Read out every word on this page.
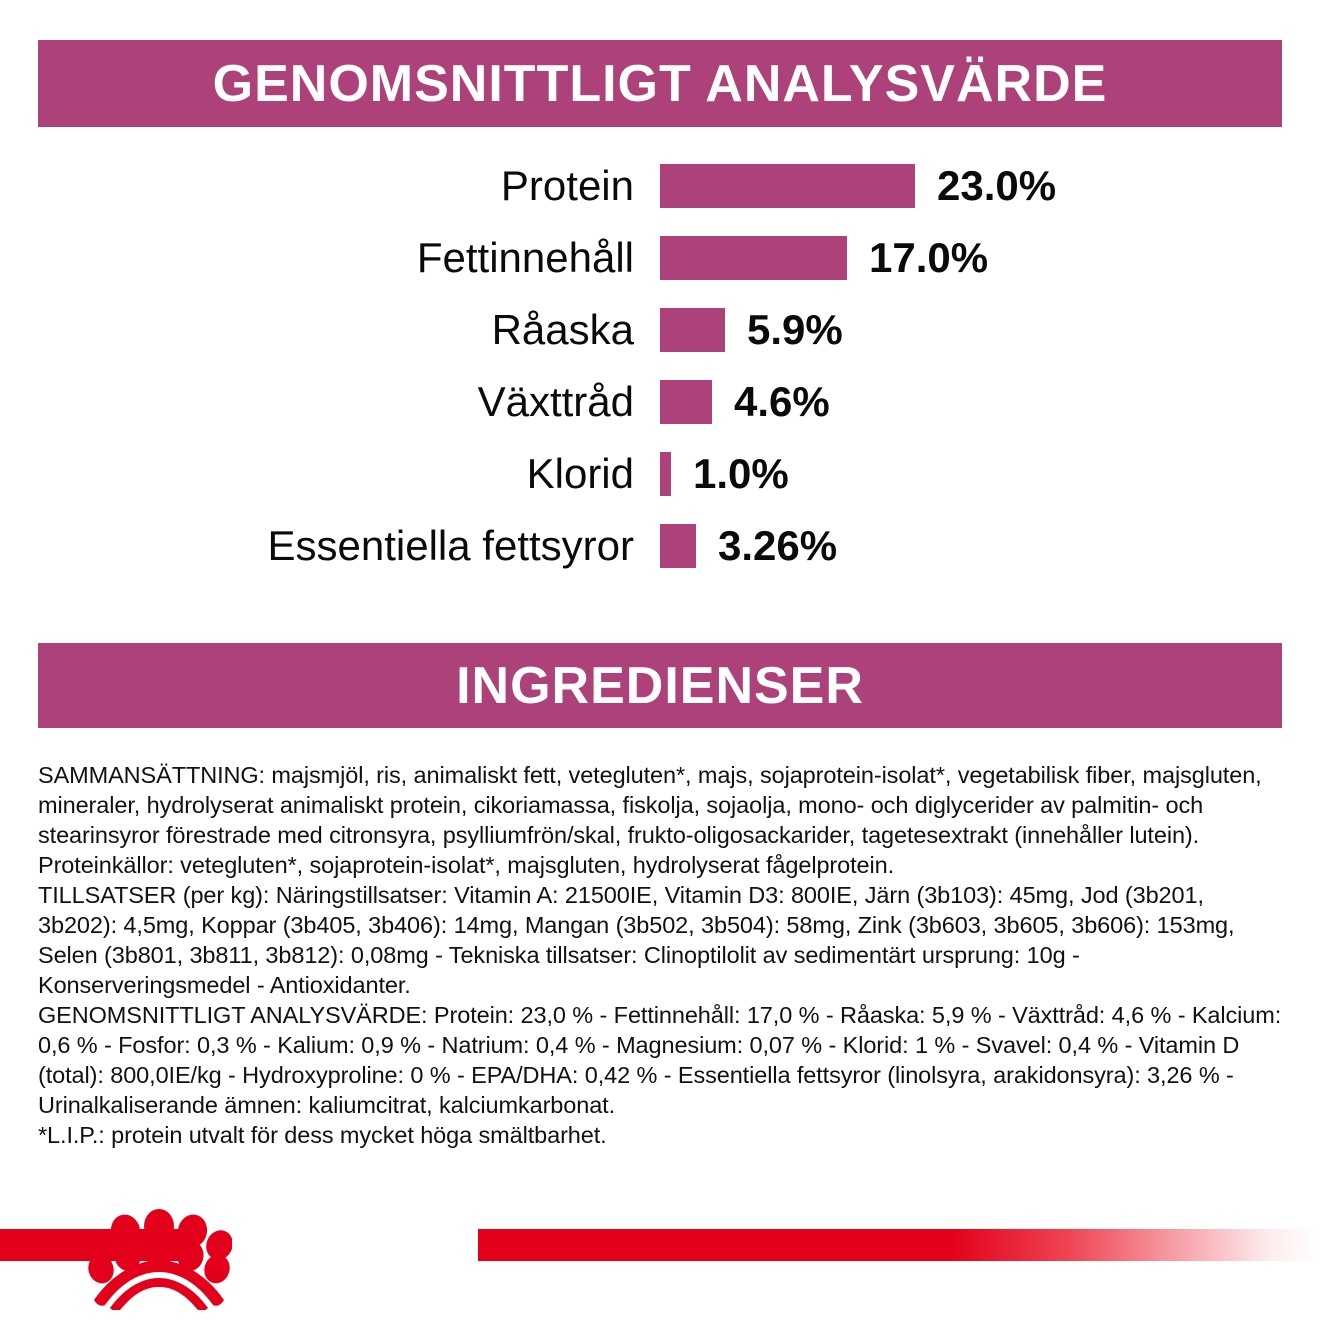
GENOMSNITTLIGT ANALYSVÄRDE
Protein	23.0%
Fettinnehåll	17.0%
Råaska	5.9%
Växttråd 4.6%
Klorid 1.0%
Essentiella fettsyror 3.26%
INGREDIENSER

SAMMANSÄTTNING: majsmjöl, ris, animaliskt fett, vetegluten*, majs, sojaprotein-isolat*, vegetabilisk fiber, majsgluten, mineraler, hydrolyserat animaliskt protein, cikoriamassa, fiskolja, sojaolja, mono- och diglycerider av palmitin- och stearinsyror förestrade med citronsyra, psylliumfrön/skal, frukto-oligosackarider, tagetesextrakt (innehåller lutein). Proteinkällor: vetegluten*, sojaprotein-isolat*, majsgluten, hydrolyserat fågelprotein.

TILLSATSER (per kg): Näringstillsatser: Vitamin A: 21500IE, Vitamin D3: 800IE, Järn (3b103): 45mg, Jod (3b201, 3b202): 4,5mg, Koppar (3b405, 3b406): 14mg, Mangan (3b502, 3b504): 58mg, Zink (3b603, 3b605, 3b606): 153mg, Selen (3b801, 3b811, 3b812): 0,08mg - Tekniska tillsatser: Clinoptilolit av sedimentärt ursprung: 10g - Konserveringsmedel - Antioxidanter.

GENOMSNITTLIGT ANALYSVÄRDE: Protein: 23,0 % - Fettinnehåll: 17,0 % - Råaska: 5,9 % - Växttråd: 4,6 % - Kalcium: 0,6 % - Fosfor: 0,3 % - Kalium: 0,9 % - Natrium: 0,4 % - Magnesium: 0,07 % - Klorid: 1 % - Svavel: 0,4 % - Vitamin D (total): 800,0IE/kg - Hydroxyproline: 0 % - EPA/DHA: 0,42 % - Essentiella fettsyror (linolsyra, arakidonsyra): 3,26 % - Urinalkaliserande ämnen: kaliumcitrat, kalciumkarbonat.

*L.I.P.: protein utvalt för dess mycket höga smältbarhet.
